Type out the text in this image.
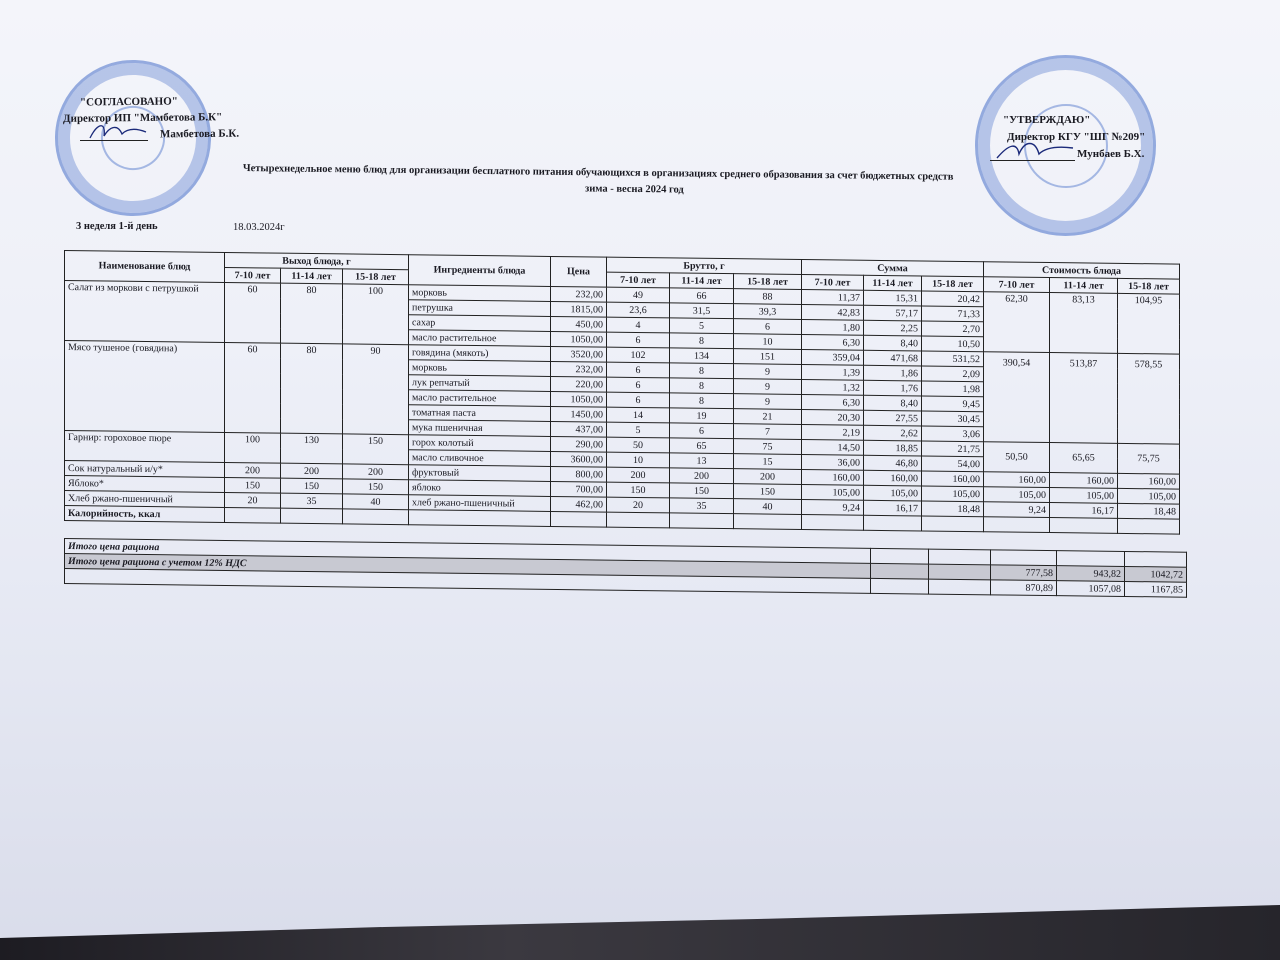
"СОГЛАСОВАНО"
Директор ИП "Мамбетова Б.К"
Мамбетова Б.К.
"УТВЕРЖДАЮ"
Директор КГУ "ШГ №209"
Мунбаев Б.Х.
Четырехнедельное меню блюд для организации бесплатного питания обучающихся в организациях среднего образования за счет бюджетных средств
зима - весна 2024 год
3 неделя 1-й день	18.03.2024г
Наименование блюд	Выход блюда, г			Ингредиенты блюда	Цена	Брутто, г			Сумма			Стоимость блюда		
	7-10 лет	11-14 лет	15-18 лет			7-10 лет	11-14 лет	15-18 лет	7-10 лет	11-14 лет	15-18 лет	7-10 лет	11-14 лет	15-18 лет
Салат из моркови с петрушкой	60	80	100	морковь	232,00	49	66	88	11,37	15,31	20,42	62,30	83,13	104,95
				петрушка	1815,00	23,6	31,5	39,3	42,83	57,17	71,33			
				сахар	450,00	4	5	6	1,80	2,25	2,70			
				масло растительное	1050,00	6	8	10	6,30	8,40	10,50			
Мясо тушеное (говядина)	60	80	90	говядина (мякоть)	3520,00	102	134	151	359,04	471,68	531,52	390,54	513,87	578,55
				морковь	232,00	6	8	9	1,39	1,86	2,09			
				лук репчатый	220,00	6	8	9	1,32	1,76	1,98			
				масло растительное	1050,00	6	8	9	6,30	8,40	9,45			
				томатная паста	1450,00	14	19	21	20,30	27,55	30,45			
				мука пшеничная	437,00	5	6	7	2,19	2,62	3,06			
Гарнир: гороховое пюре	100	130	150	горох колотый	290,00	50	65	75	14,50	18,85	21,75	50,50	65,65	75,75
				масло сливочное	3600,00	10	13	15	36,00	46,80	54,00			
Сок натуральный и/у*	200	200	200	фруктовый	800,00	200	200	200	160,00	160,00	160,00	160,00	160,00	160,00
Яблоко*	150	150	150	яблоко	700,00	150	150	150	105,00	105,00	105,00	105,00	105,00	105,00
Хлеб ржано-пшеничный	20	35	40	хлеб ржано-пшеничный	462,00	20	35	40	9,24	16,17	18,48	9,24	16,17	18,48
Калорийность, ккал														
Итого цена рациона					
Итого цена рациона с учетом 12% НДС			777,58	943,82	1042,72
			870,89	1057,08	1167,85
